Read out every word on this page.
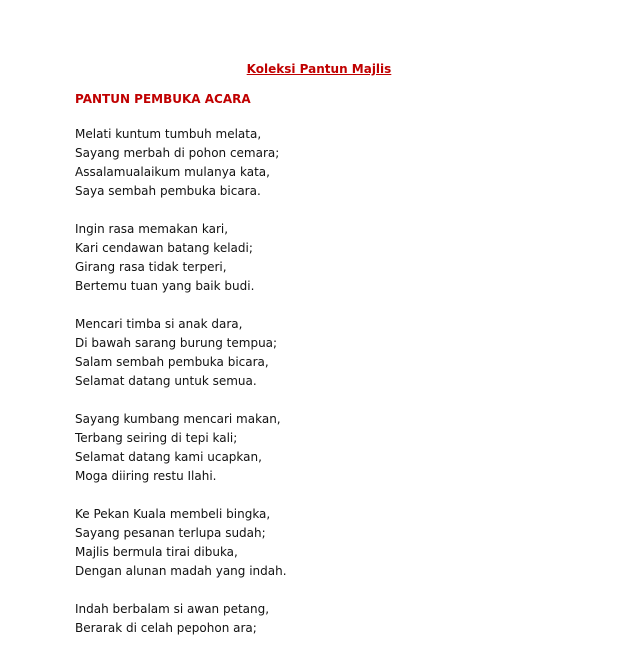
Koleksi Pantun Majlis
PANTUN PEMBUKA ACARA
Melati kuntum tumbuh melata,
Sayang merbah di pohon cemara;
Assalamualaikum mulanya kata,
Saya sembah pembuka bicara.
Ingin rasa memakan kari,
Kari cendawan batang keladi;
Girang rasa tidak terperi,
Bertemu tuan yang baik budi.
Mencari timba si anak dara,
Di bawah sarang burung tempua;
Salam sembah pembuka bicara,
Selamat datang untuk semua.
Sayang kumbang mencari makan,
Terbang seiring di tepi kali;
Selamat datang kami ucapkan,
Moga diiring restu Ilahi.
Ke Pekan Kuala membeli bingka,
Sayang pesanan terlupa sudah;
Majlis bermula tirai dibuka,
Dengan alunan madah yang indah.
Indah berbalam si awan petang,
Berarak di celah pepohon ara;
